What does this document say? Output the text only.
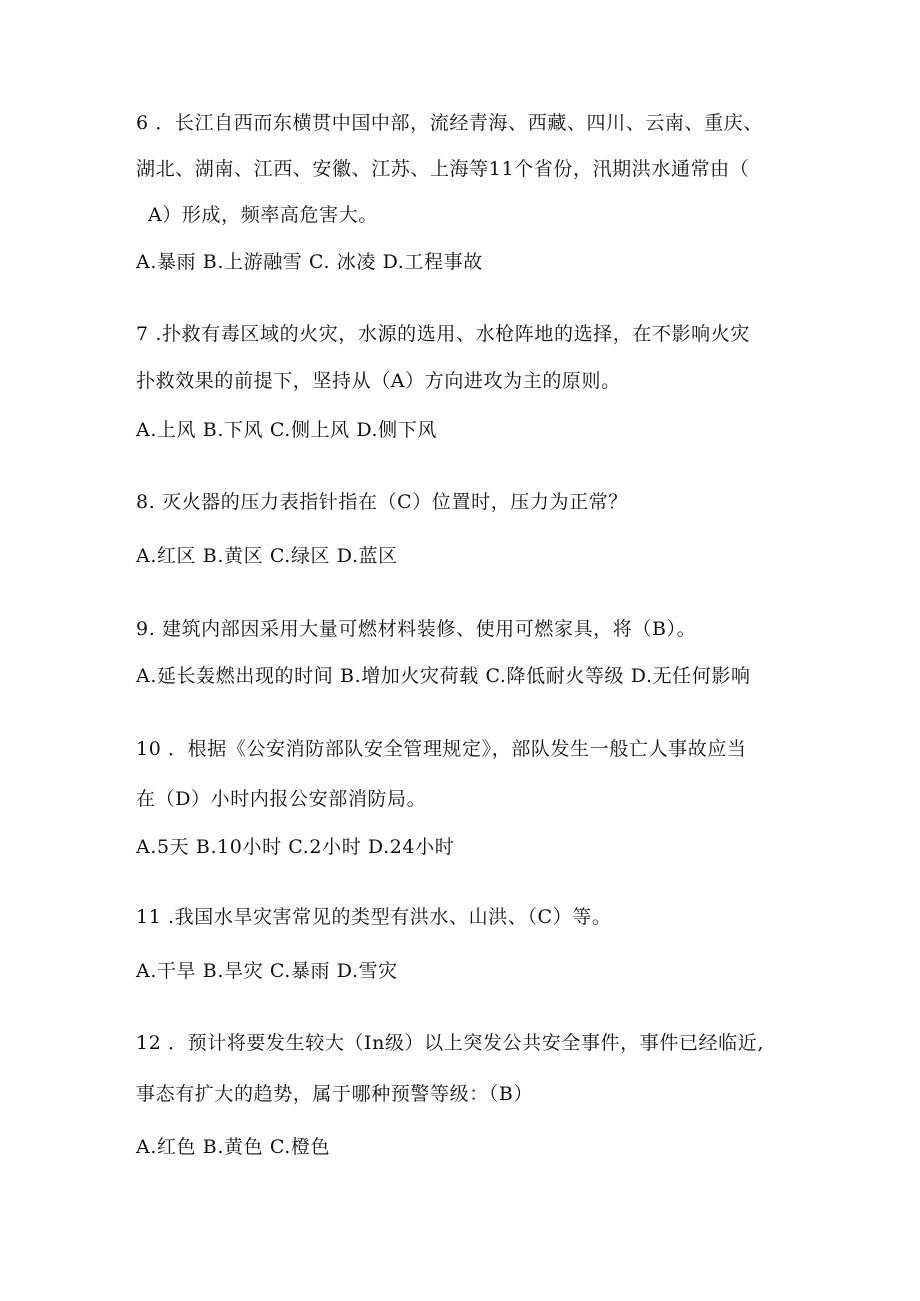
6 ．长江自西而东横贯中国中部，流经青海、西藏、四川、云南、重庆、
湖北、湖南、江西、安徽、江苏、上海等11个省份，汛期洪水通常由（
A）形成，频率高危害大。
A.暴雨 B.上游融雪 C. 冰凌 D.工程事故
7 .扑救有毒区域的火灾，水源的选用、水枪阵地的选择，在不影响火灾
扑救效果的前提下，坚持从（A）方向进攻为主的原则。
A.上风 B.下风 C.侧上风 D.侧下风
8. 灭火器的压力表指针指在（C）位置时，压力为正常？
A.红区 B.黄区 C.绿区 D.蓝区
9. 建筑内部因采用大量可燃材料装修、使用可燃家具，将（B）。
A.延长轰燃出现的时间 B.增加火灾荷载 C.降低耐火等级 D.无任何影响
10 ．根据《公安消防部队安全管理规定》，部队发生一般亡人事故应当
在（D）小时内报公安部消防局。
A.5天 B.10小时 C.2小时 D.24小时
11 .我国水旱灾害常见的类型有洪水、山洪、（C）等。
A.干旱 B.旱灾 C.暴雨 D.雪灾
12 ．预计将要发生较大（In级）以上突发公共安全事件，事件已经临近,
事态有扩大的趋势，属于哪种预警等级：（B）
A.红色 B.黄色 C.橙色
